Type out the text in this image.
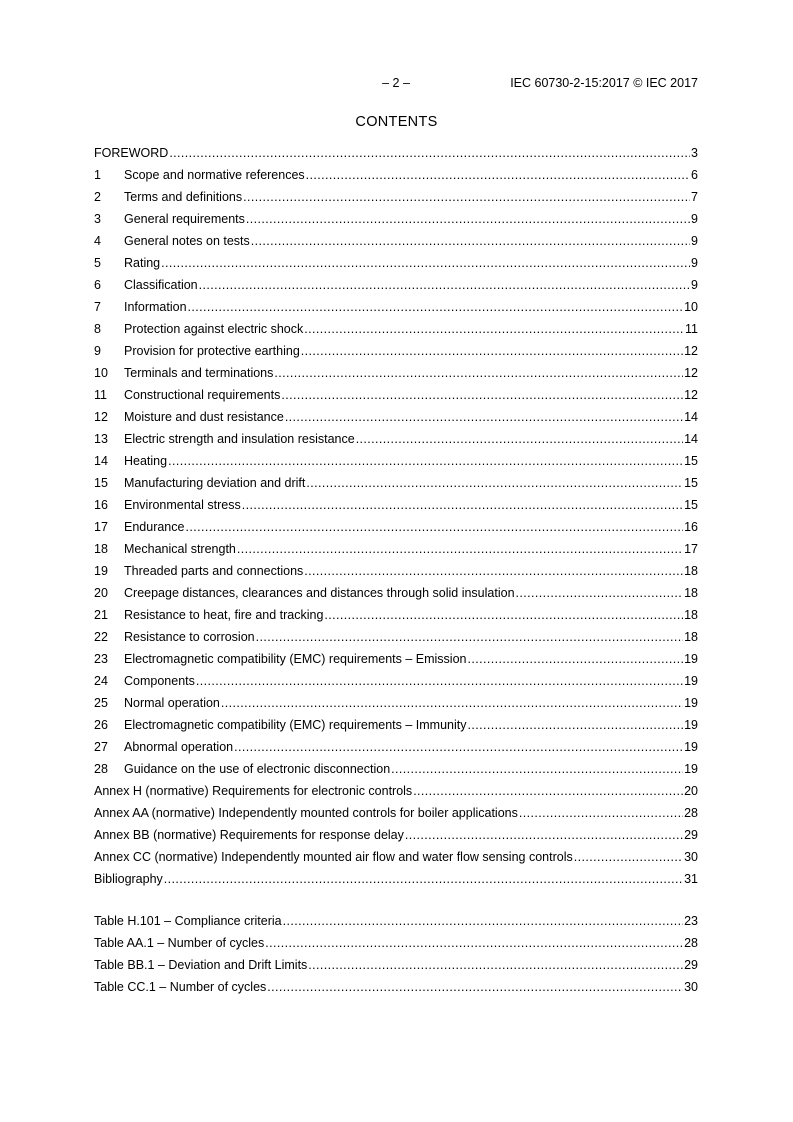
– 2 –	IEC 60730-2-15:2017 © IEC 2017
CONTENTS
FOREWORD .....	3
1	Scope and normative references .....	6
2	Terms and definitions .....	7
3	General requirements .....	9
4	General notes on tests .....	9
5	Rating .....	9
6	Classification .....	9
7	Information .....	10
8	Protection against electric shock .....	11
9	Provision for protective earthing .....	12
10	Terminals and terminations .....	12
11	Constructional requirements .....	12
12	Moisture and dust resistance .....	14
13	Electric strength and insulation resistance .....	14
14	Heating .....	15
15	Manufacturing deviation and drift .....	15
16	Environmental stress .....	15
17	Endurance .....	16
18	Mechanical strength .....	17
19	Threaded parts and connections .....	18
20	Creepage distances, clearances and distances through solid insulation .....	18
21	Resistance to heat, fire and tracking .....	18
22	Resistance to corrosion .....	18
23	Electromagnetic compatibility (EMC) requirements – Emission .....	19
24	Components .....	19
25	Normal operation .....	19
26	Electromagnetic compatibility (EMC) requirements – Immunity .....	19
27	Abnormal operation .....	19
28	Guidance on the use of electronic disconnection .....	19
Annex H (normative) Requirements for electronic controls .....	20
Annex AA (normative) Independently mounted controls for boiler applications .....	28
Annex BB (normative) Requirements for response delay .....	29
Annex CC (normative) Independently mounted air flow and water flow sensing controls .....	30
Bibliography .....	31
Table H.101 – Compliance criteria .....	23
Table AA.1 – Number of cycles .....	28
Table BB.1 – Deviation and Drift Limits .....	29
Table CC.1 – Number of cycles .....	30
